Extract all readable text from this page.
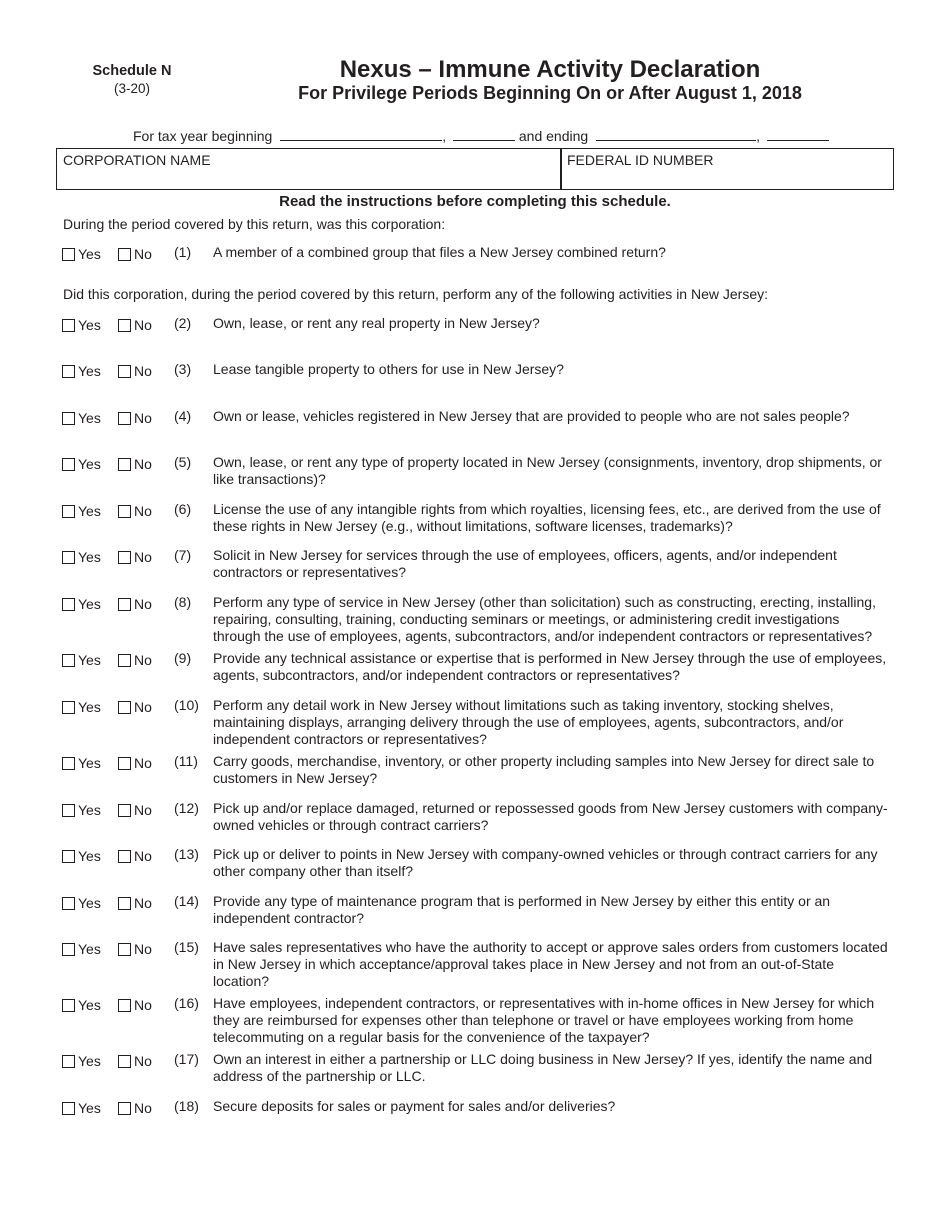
Schedule N
(3-20)
Nexus – Immune Activity Declaration
For Privilege Periods Beginning On or After August 1, 2018
For tax year beginning	,	and ending	,
CORPORATION NAME	FEDERAL ID NUMBER
Read the instructions before completing this schedule.
During the period covered by this return, was this corporation:
Did this corporation, during the period covered by this return, perform any of the following activities in New Jersey:
Yes	No (1) A member of a combined group that files a New Jersey combined return?
Yes	No (2) Own, lease, or rent any real property in New Jersey?
Yes	No (3) Lease tangible property to others for use in New Jersey?
Yes	No (4) Own or lease, vehicles registered in New Jersey that are provided to people who are not sales people?
Yes	No (5) Own, lease, or rent any type of property located in New Jersey (consignments, inventory, drop shipments, or like transactions)?
Yes	No (6) License the use of any intangible rights from which royalties, licensing fees, etc., are derived from the use of these rights in New Jersey (e.g., without limitations, software licenses, trademarks)?
Yes	No (7) Solicit in New Jersey for services through the use of employees, officers, agents, and/or independent contractors or representatives?
Yes	No (8) Perform any type of service in New Jersey (other than solicitation) such as constructing, erecting, installing, repairing, consulting, training, conducting seminars or meetings, or administering credit investigations through the use of employees, agents, subcontractors, and/or independent contractors or representatives?
Yes	No (9) Provide any technical assistance or expertise that is performed in New Jersey through the use of employees, agents, subcontractors, and/or independent contractors or representatives?
Yes	No (10) Perform any detail work in New Jersey without limitations such as taking inventory, stocking shelves, maintaining displays, arranging delivery through the use of employees, agents, subcontractors, and/or independent contractors or representatives?
Yes	No (11) Carry goods, merchandise, inventory, or other property including samples into New Jersey for direct sale to customers in New Jersey?
Yes	No (12) Pick up and/or replace damaged, returned or repossessed goods from New Jersey customers with company-owned vehicles or through contract carriers?
Yes	No (13) Pick up or deliver to points in New Jersey with company-owned vehicles or through contract carriers for any other company other than itself?
Yes	No (14) Provide any type of maintenance program that is performed in New Jersey by either this entity or an independent contractor?
Yes	No (15) Have sales representatives who have the authority to accept or approve sales orders from customers located in New Jersey in which acceptance/approval takes place in New Jersey and not from an out-of-State location?
Yes	No (16) Have employees, independent contractors, or representatives with in-home offices in New Jersey for which they are reimbursed for expenses other than telephone or travel or have employees working from home telecommuting on a regular basis for the convenience of the taxpayer?
Yes	No (17) Own an interest in either a partnership or LLC doing business in New Jersey? If yes, identify the name and address of the partnership or LLC.
Yes	No (18) Secure deposits for sales or payment for sales and/or deliveries?
